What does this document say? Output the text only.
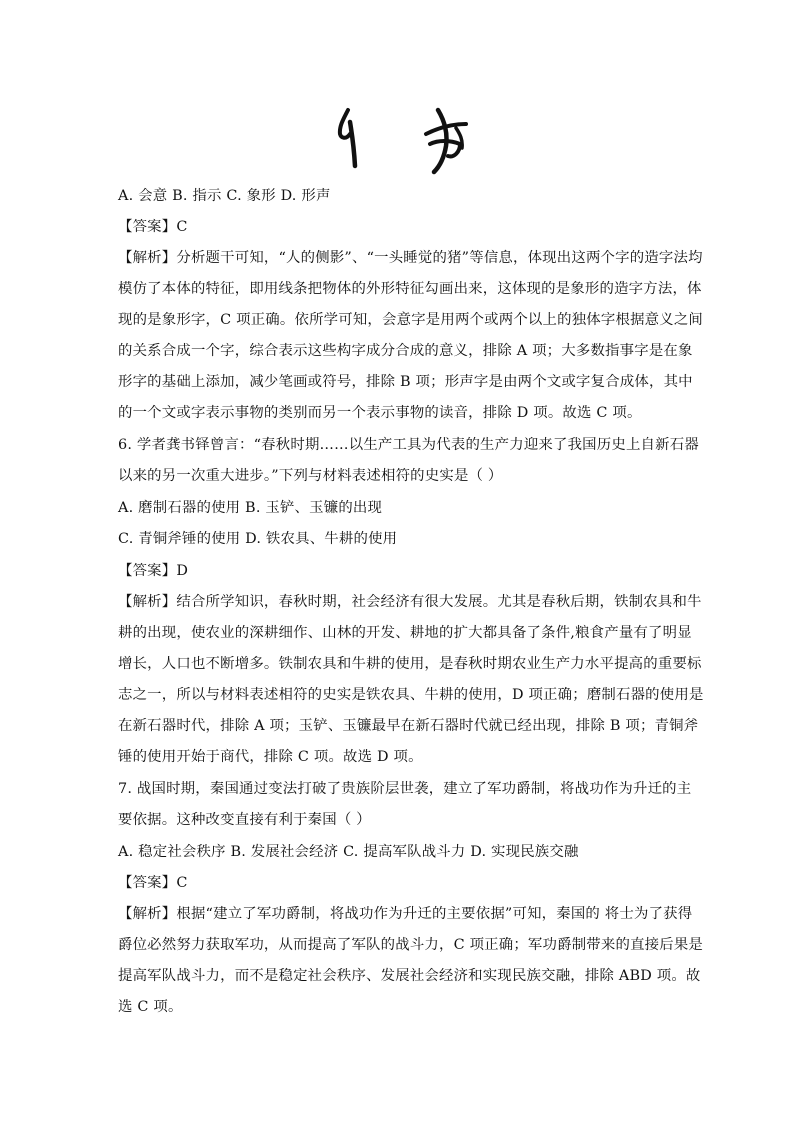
A. 会意 B. 指示 C. 象形 D. 形声
【答案】C
【解析】分析题干可知，“人的侧影”、“一头睡觉的猪”等信息，体现出这两个字的造字法均
模仿了本体的特征，即用线条把物体的外形特征勾画出来，这体现的是象形的造字方法，体
现的是象形字，C 项正确。依所学可知，会意字是用两个或两个以上的独体字根据意义之间
的关系合成一个字，综合表示这些构字成分合成的意义，排除 A 项；大多数指事字是在象
形字的基础上添加，减少笔画或符号，排除 B 项；形声字是由两个文或字复合成体，其中
的一个文或字表示事物的类别而另一个表示事物的读音，排除 D 项。故选 C 项。
6. 学者龚书铎曾言：“春秋时期……以生产工具为代表的生产力迎来了我国历史上自新石器
以来的另一次重大进步。”下列与材料表述相符的史实是（ ）
A. 磨制石器的使用 B. 玉铲、玉镰的出现
C. 青铜斧锤的使用 D. 铁农具、牛耕的使用
【答案】D
【解析】结合所学知识，春秋时期，社会经济有很大发展。尤其是春秋后期，铁制农具和牛
耕的出现，使农业的深耕细作、山林的开发、耕地的扩大都具备了条件,粮食产量有了明显
增长，人口也不断增多。铁制农具和牛耕的使用，是春秋时期农业生产力水平提高的重要标
志之一，所以与材料表述相符的史实是铁农具、牛耕的使用，D 项正确；磨制石器的使用是
在新石器时代，排除 A 项；玉铲、玉镰最早在新石器时代就已经出现，排除 B 项；青铜斧
锤的使用开始于商代，排除 C 项。故选 D 项。
7. 战国时期，秦国通过变法打破了贵族阶层世袭，建立了军功爵制，将战功作为升迁的主
要依据。这种改变直接有利于秦国（ ）
A. 稳定社会秩序 B. 发展社会经济 C. 提高军队战斗力 D. 实现民族交融
【答案】C
【解析】根据“建立了军功爵制，将战功作为升迁的主要依据”可知，秦国的 将士为了获得
爵位必然努力获取军功，从而提高了军队的战斗力，C 项正确；军功爵制带来的直接后果是
提高军队战斗力，而不是稳定社会秩序、发展社会经济和实现民族交融，排除 ABD 项。故
选 C 项。
